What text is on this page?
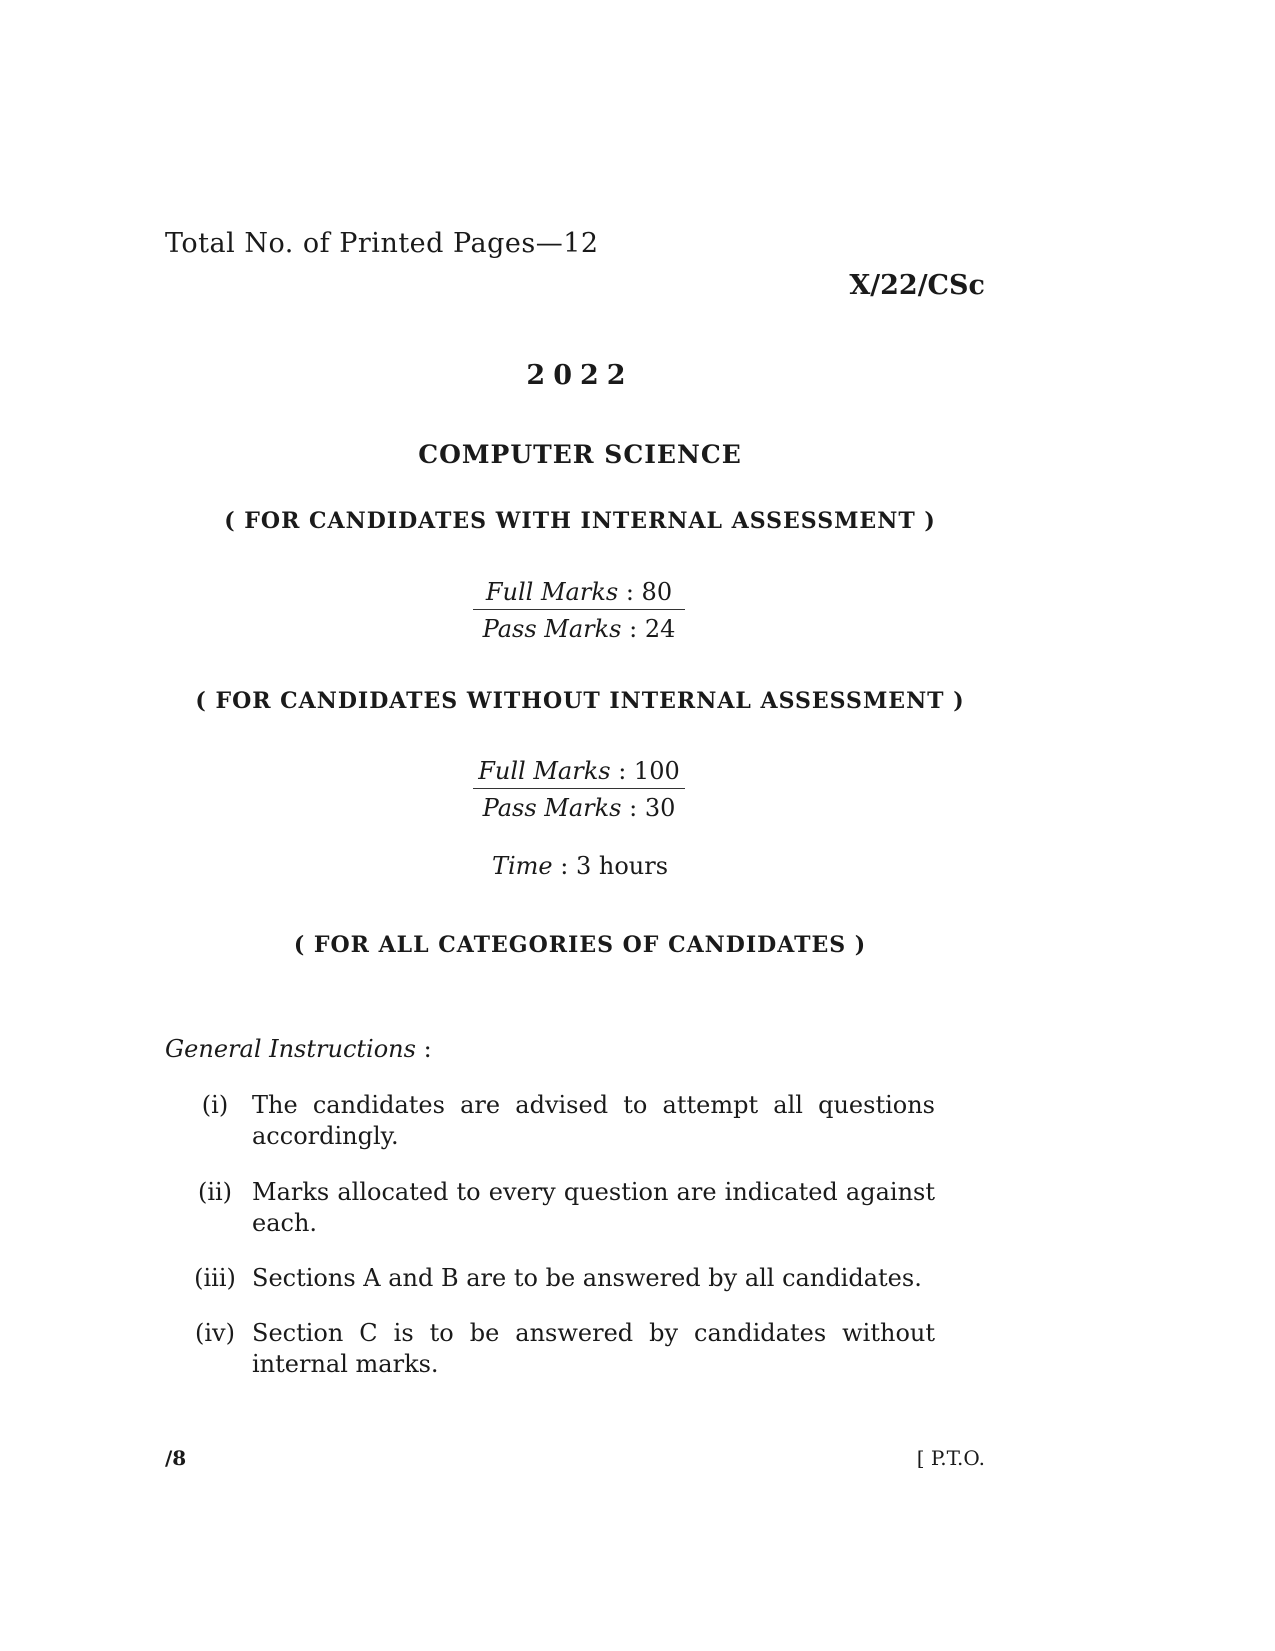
Total No. of Printed Pages—12
X/22/CSc
2022
COMPUTER SCIENCE
( FOR CANDIDATES WITH INTERNAL ASSESSMENT )
Full Marks : 80
Pass Marks : 24
( FOR CANDIDATES WITHOUT INTERNAL ASSESSMENT )
Full Marks : 100
Pass Marks : 30
Time : 3 hours
( FOR ALL CATEGORIES OF CANDIDATES )
General Instructions :
(i) The candidates are advised to attempt all questions accordingly.
(ii) Marks allocated to every question are indicated against each.
(iii) Sections A and B are to be answered by all candidates.
(iv) Section C is to be answered by candidates without internal marks.
/8	[ P.T.O.
